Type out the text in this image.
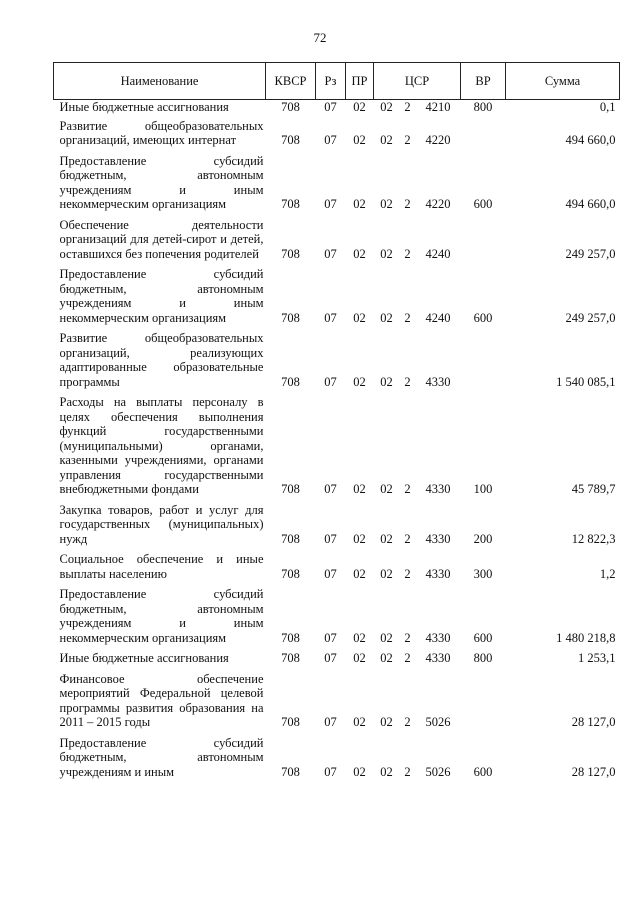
72
Наименование	КВСР	Рз	ПР	ЦСР			ВР	Сумма
Иные бюджетные ассигнования	708	07	02	02	2	4210	800	0,1
Развитие общеобразовательных организаций, имеющих интернат	708	07	02	02	2	4220		494 660,0
Предоставление субсидий бюджетным, автономным учреждениям и иным некоммерческим организациям	708	07	02	02	2	4220	600	494 660,0
Обеспечение деятельности организаций для детей-сирот и детей, оставшихся без попечения родителей	708	07	02	02	2	4240		249 257,0
Предоставление субсидий бюджетным, автономным учреждениям и иным некоммерческим организациям	708	07	02	02	2	4240	600	249 257,0
Развитие общеобразовательных организаций, реализующих адаптированные образовательные программы	708	07	02	02	2	4330		1 540 085,1
Расходы на выплаты персоналу в целях обеспечения выполнения функций государственными (муниципальными) органами, казенными учреждениями, органами управления государственными внебюджетными фондами	708	07	02	02	2	4330	100	45 789,7
Закупка товаров, работ и услуг для государственных (муниципальных) нужд	708	07	02	02	2	4330	200	12 822,3
Социальное обеспечение и иные выплаты населению	708	07	02	02	2	4330	300	1,2
Предоставление субсидий бюджетным, автономным учреждениям и иным некоммерческим организациям	708	07	02	02	2	4330	600	1 480 218,8
Иные бюджетные ассигнования	708	07	02	02	2	4330	800	1 253,1
Финансовое обеспечение мероприятий Федеральной целевой программы развития образования на 2011 – 2015 годы	708	07	02	02	2	5026		28 127,0
Предоставление субсидий бюджетным, автономным учреждениям и иным	708	07	02	02	2	5026	600	28 127,0
